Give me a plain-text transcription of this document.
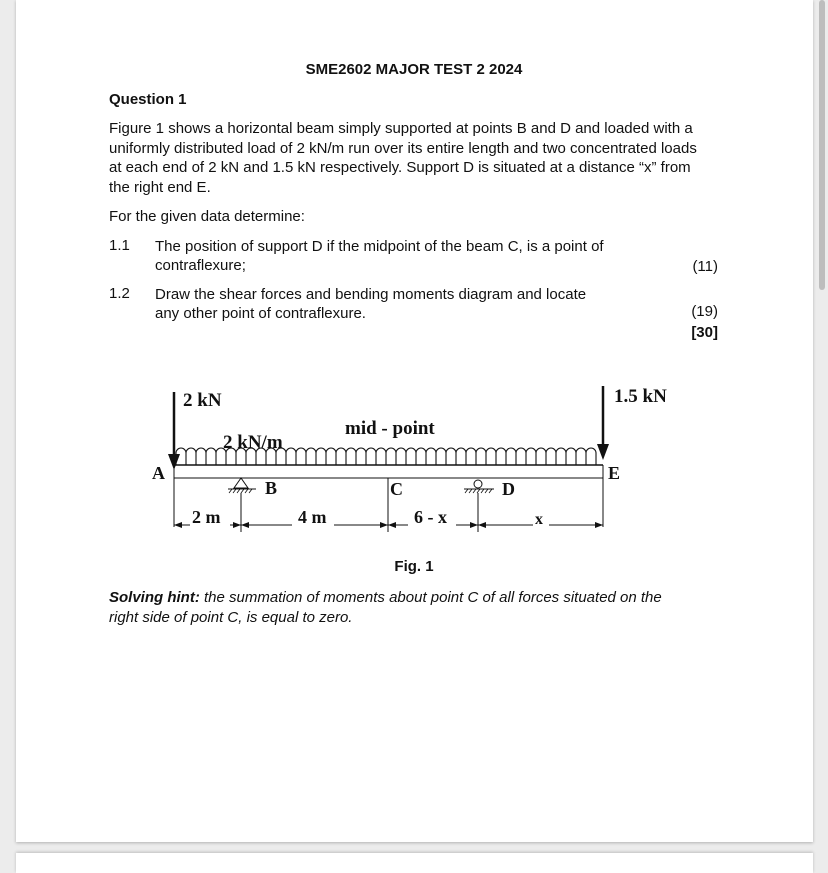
SME2602 MAJOR TEST 2 2024
Question 1
Figure 1 shows a horizontal beam simply supported at points B and D and loaded with a
uniformly distributed load of 2 kN/m run over its entire length and two concentrated loads
at each end of 2 kN and 1.5 kN respectively. Support D is situated at a distance “x” from
the right end E.
For the given data determine:
1.1 The position of support D if the midpoint of the beam C, is a point of
contraflexure;	(11)
1.2 Draw the shear forces and bending moments diagram and locate
any other point of contraflexure.	(19)
[30]
2 kN	1.5 kN
2 kN/m
mid - point
A
B	C	D
E
2 m	4 m	6 - x	x
Fig. 1
Solving hint: the summation of moments about point C of all forces situated on the
right side of point C, is equal to zero.
